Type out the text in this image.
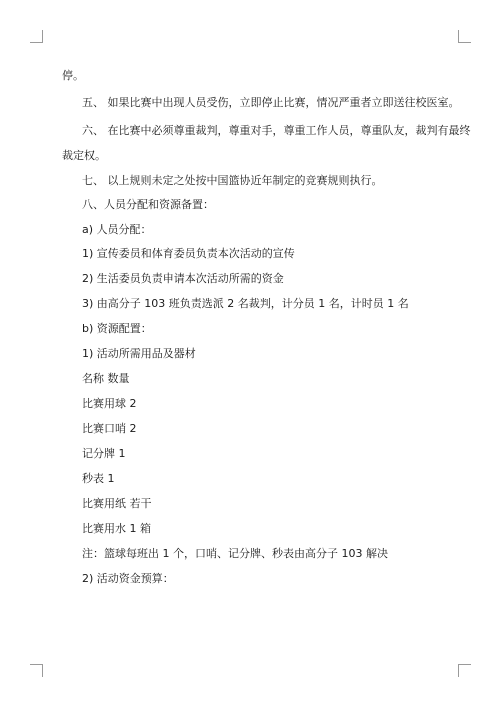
停。
五、 如果比赛中出现人员受伤，立即停止比赛，情况严重者立即送往校医室。
六、 在比赛中必须尊重裁判，尊重对手，尊重工作人员，尊重队友，裁判有最终
裁定权。
七、 以上规则未定之处按中国篮协近年制定的竞赛规则执行。
八、人员分配和资源备置：
a) 人员分配：
1) 宣传委员和体育委员负责本次活动的宣传
2) 生活委员负责申请本次活动所需的资金
3) 由高分子 103 班负责选派 2 名裁判，计分员 1 名，计时员 1 名
b) 资源配置：
1) 活动所需用品及器材
名称 数量
比赛用球 2
比赛口哨 2
记分牌 1
秒表 1
比赛用纸 若干
比赛用水 1 箱
注：篮球每班出 1 个，口哨、记分牌、秒表由高分子 103 解决
2) 活动资金预算：
